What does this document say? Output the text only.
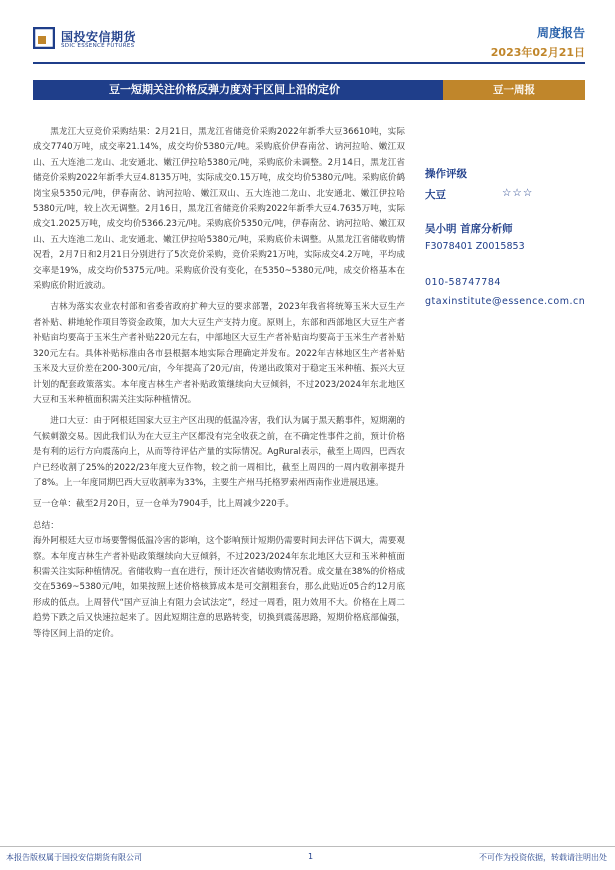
国投安信期货
SDIC ESSENCE FUTURES
周度报告
2023年02月21日
豆一短期关注价格反弹力度对于区间上沿的定价	豆一周报

黑龙江大豆竞价采购结果：2月21日，黑龙江省储竞价采购2022年新季大豆36610吨，实际成交7740万吨，成交率21.14%，成交均价5380元/吨。采购底价伊春南岔、讷河拉哈、嫩江双山、五大连池二龙山、北安通北、嫩江伊拉哈5380元/吨，采购底价未调整。2月14日，黑龙江省储竞价采购2022年新季大豆4.8135万吨，实际成交0.15万吨，成交均价5380元/吨。采购底价鹤岗宝泉5350元/吨，伊春南岔、讷河拉哈、嫩江双山、五大连池二龙山、北安通北、嫩江伊拉哈5380元/吨，较上次无调整。2月16日，黑龙江省储竞价采购2022年新季大豆4.7635万吨，实际成交1.2025万吨，成交均价5366.23元/吨。采购底价5350元/吨，伊春南岔、讷河拉哈、嫩江双山、五大连池二龙山、北安通北、嫩江伊拉哈5380元/吨，采购底价未调整。从黑龙江省储收购情况看，2月7日和2月21日分别进行了5次竞价采购，竞价采购21万吨，实际成交4.2万吨，平均成交率是19%，成交均价5375元/吨。采购底价没有变化，在5350~5380元/吨，成交价格基本在采购底价附近波动。

吉林为落实农业农村部和省委省政府扩种大豆的要求部署，2023年我省将统筹玉米大豆生产者补贴、耕地轮作项目等资金政策，加大大豆生产支持力度。原则上，东部和西部地区大豆生产者补贴亩均要高于玉米生产者补贴220元左右，中部地区大豆生产者补贴亩均要高于玉米生产者补贴320元左右。具体补贴标准由各市县根据本地实际合理确定并发布。2022年吉林地区生产者补贴玉米及大豆价差在200-300元/亩，今年提高了20元/亩，传递出政策对于稳定玉米种植、振兴大豆计划的配套政策落实。本年度吉林生产者补贴政策继续向大豆倾斜，不过2023/2024年东北地区大豆和玉米种植面积需关注实际种植情况。

进口大豆：由于阿根廷国家大豆主产区出现的低温冷害，我们认为属于黑天鹅事件，短期潮的气候刺激交易。因此我们认为在大豆主产区都没有完全收获之前，在不确定性事件之前，预计价格是有利的运行方向震荡向上，从而等待评估产量的实际情况。AgRural表示，截至上周四，巴西农户已经收割了25%的2022/23年度大豆作物，较之前一周相比，截至上周四的一周内收割率提升了8%。上一年度同期巴西大豆收割率为33%，主要生产州马托格罗索州西南作业进展迅速。

豆一仓单：截至2月20日，豆一仓单为7904手，比上周减少220手。

总结：

海外阿根廷大豆市场要警惕低温冷害的影响，这个影响预计短期仍需要时间去评估下调大，需要观察。本年度吉林生产者补贴政策继续向大豆倾斜，不过2023/2024年东北地区大豆和玉米种植面积需关注实际种植情况。省储收购一直在进行，预计还次省储收购情况看。成交量在38%的价格成交在5369~5380元/吨，如果按照上述价格核算成本是可交割粗套台，那么此贴近05合约12月底形成的低点。上周替代“国产豆油上有阻力会试法定”，经过一周看，阻力效用不大。价格在上周二趋势下跌之后又快速拉起来了。因此短期注意的思路转变，切换到震荡思路，短期价格底部偏强，等待区间上沿的定价。

操作评级
大豆	☆☆☆
吴小明 首席分析师
F3078401 Z0015853
010-58747784
gtaxinstitute@essence.com.cn
本报告版权属于国投安信期货有限公司	1	不可作为投资依据，转载请注明出处
